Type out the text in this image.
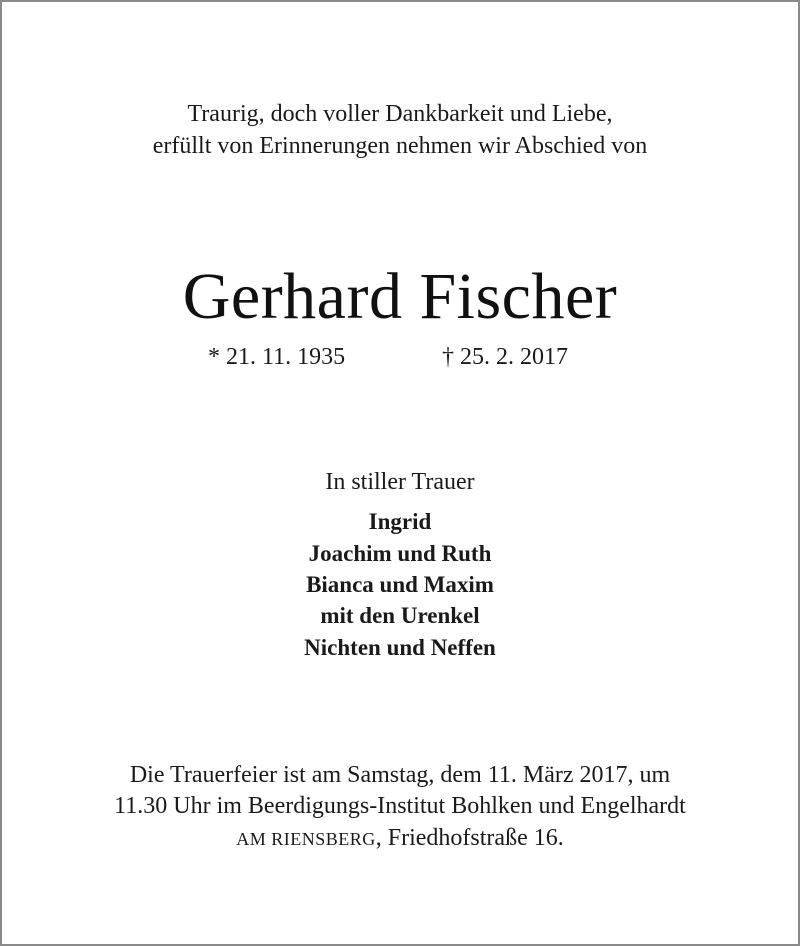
Traurig, doch voller Dankbarkeit und Liebe,
erfüllt von Erinnerungen nehmen wir Abschied von
Gerhard Fischer
* 21. 11. 1935	† 25. 2. 2017
In stiller Trauer
Ingrid
Joachim und Ruth
Bianca und Maxim
mit den Urenkel
Nichten und Neffen
Die Trauerfeier ist am Samstag, dem 11. März 2017, um
11.30 Uhr im Beerdigungs-Institut Bohlken und Engelhardt
AM RIENSBERG, Friedhofstraße 16.
